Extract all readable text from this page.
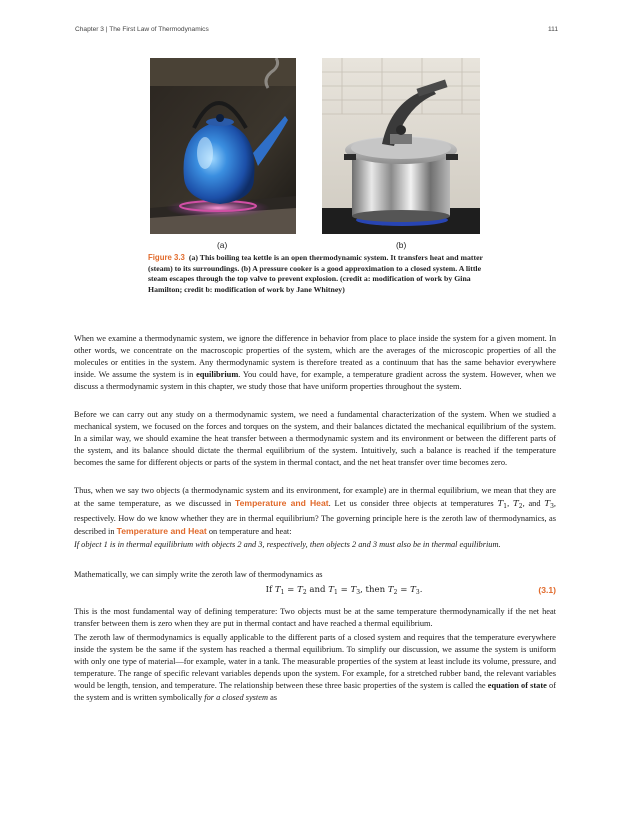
Chapter 3 | The First Law of Thermodynamics	111
(a)	(b)
Figure 3.3 (a) This boiling tea kettle is an open thermodynamic system. It transfers heat and matter (steam) to its surroundings. (b) A pressure cooker is a good approximation to a closed system. A little steam escapes through the top valve to prevent explosion. (credit a: modification of work by Gina Hamilton; credit b: modification of work by Jane Whitney)

When we examine a thermodynamic system, we ignore the difference in behavior from place to place inside the system for a given moment. In other words, we concentrate on the macroscopic properties of the system, which are the averages of the microscopic properties of all the molecules or entities in the system. Any thermodynamic system is therefore treated as a continuum that has the same behavior everywhere inside. We assume the system is in equilibrium. You could have, for example, a temperature gradient across the system. However, when we discuss a thermodynamic system in this chapter, we study those that have uniform properties throughout the system.

Before we can carry out any study on a thermodynamic system, we need a fundamental characterization of the system. When we studied a mechanical system, we focused on the forces and torques on the system, and their balances dictated the mechanical equilibrium of the system. In a similar way, we should examine the heat transfer between a thermodynamic system and its environment or between the different parts of the system, and its balance should dictate the thermal equilibrium of the system. Intuitively, such a balance is reached if the temperature becomes the same for different objects or parts of the system in thermal contact, and the net heat transfer over time becomes zero.

Thus, when we say two objects (a thermodynamic system and its environment, for example) are in thermal equilibrium, we mean that they are at the same temperature, as we discussed in Temperature and Heat. Let us consider three objects at temperatures $T_1$, $T_2$, and $T_3$, respectively. How do we know whether they are in thermal equilibrium? The governing principle here is the zeroth law of thermodynamics, as described in Temperature and Heat on temperature and heat:

If object 1 is in thermal equilibrium with objects 2 and 3, respectively, then objects 2 and 3 must also be in thermal equilibrium.

Mathematically, we can simply write the zeroth law of thermodynamics as

If $T_1 = T_2$ and $T_1 = T_3$, then $T_2 = T_3$.	(3.1)

This is the most fundamental way of defining temperature: Two objects must be at the same temperature thermodynamically if the net heat transfer between them is zero when they are put in thermal contact and have reached a thermal equilibrium.

The zeroth law of thermodynamics is equally applicable to the different parts of a closed system and requires that the temperature everywhere inside the system be the same if the system has reached a thermal equilibrium. To simplify our discussion, we assume the system is uniform with only one type of material—for example, water in a tank. The measurable properties of the system at least include its volume, pressure, and temperature. The range of specific relevant variables depends upon the system. For example, for a stretched rubber band, the relevant variables would be length, tension, and temperature. The relationship between these three basic properties of the system is called the equation of state of the system and is written symbolically for a closed system as
